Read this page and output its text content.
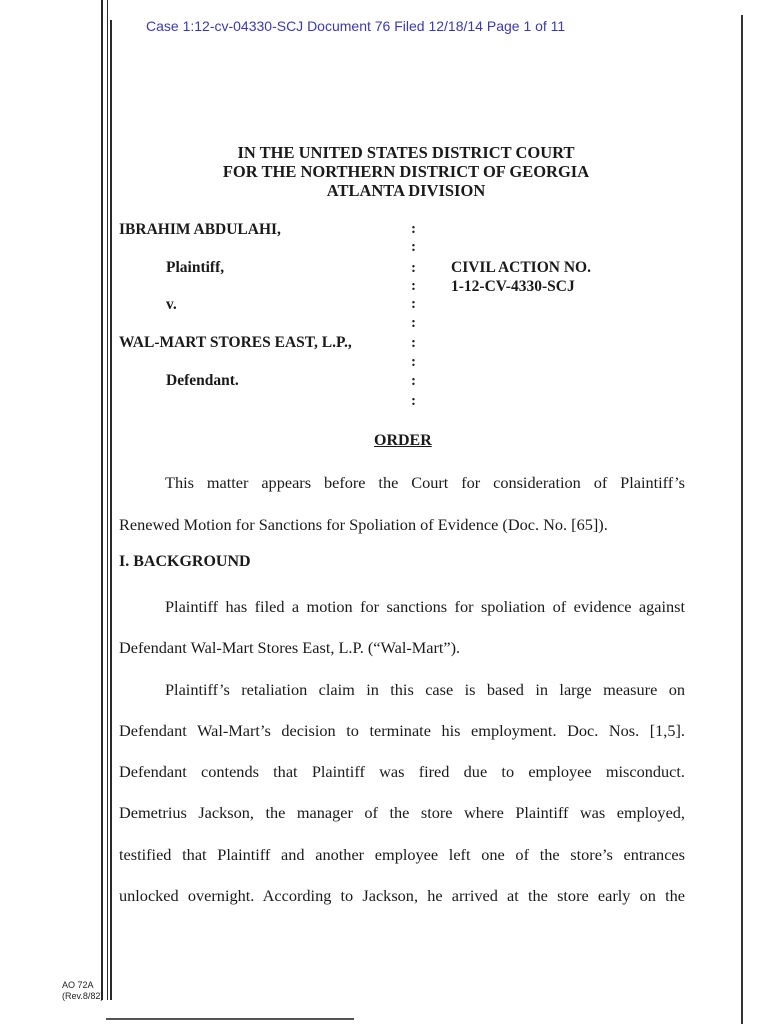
Case 1:12-cv-04330-SCJ Document 76 Filed 12/18/14 Page 1 of 11
IN THE UNITED STATES DISTRICT COURT
FOR THE NORTHERN DISTRICT OF GEORGIA
ATLANTA DIVISION
IBRAHIM ABDULAHI,
Plaintiff,
v.
WAL-MART STORES EAST, L.P.,
Defendant.
CIVIL ACTION NO.
1-12-CV-4330-SCJ
:
:
:
:
:
:
:
:
:
:
ORDER
This matter appears before the Court for consideration of Plaintiff’s
Renewed Motion for Sanctions for Spoliation of Evidence (Doc. No. [65]).
I. BACKGROUND
Plaintiff has filed a motion for sanctions for spoliation of evidence against
Defendant Wal-Mart Stores East, L.P. (“Wal-Mart”).
Plaintiff’s retaliation claim in this case is based in large measure on
Defendant Wal-Mart’s decision to terminate his employment. Doc. Nos. [1,5].
Defendant contends that Plaintiff was fired due to employee misconduct.
Demetrius Jackson, the manager of the store where Plaintiff was employed,
testified that Plaintiff and another employee left one of the store’s entrances
unlocked overnight. According to Jackson, he arrived at the store early on the
AO 72A
(Rev.8/82)
